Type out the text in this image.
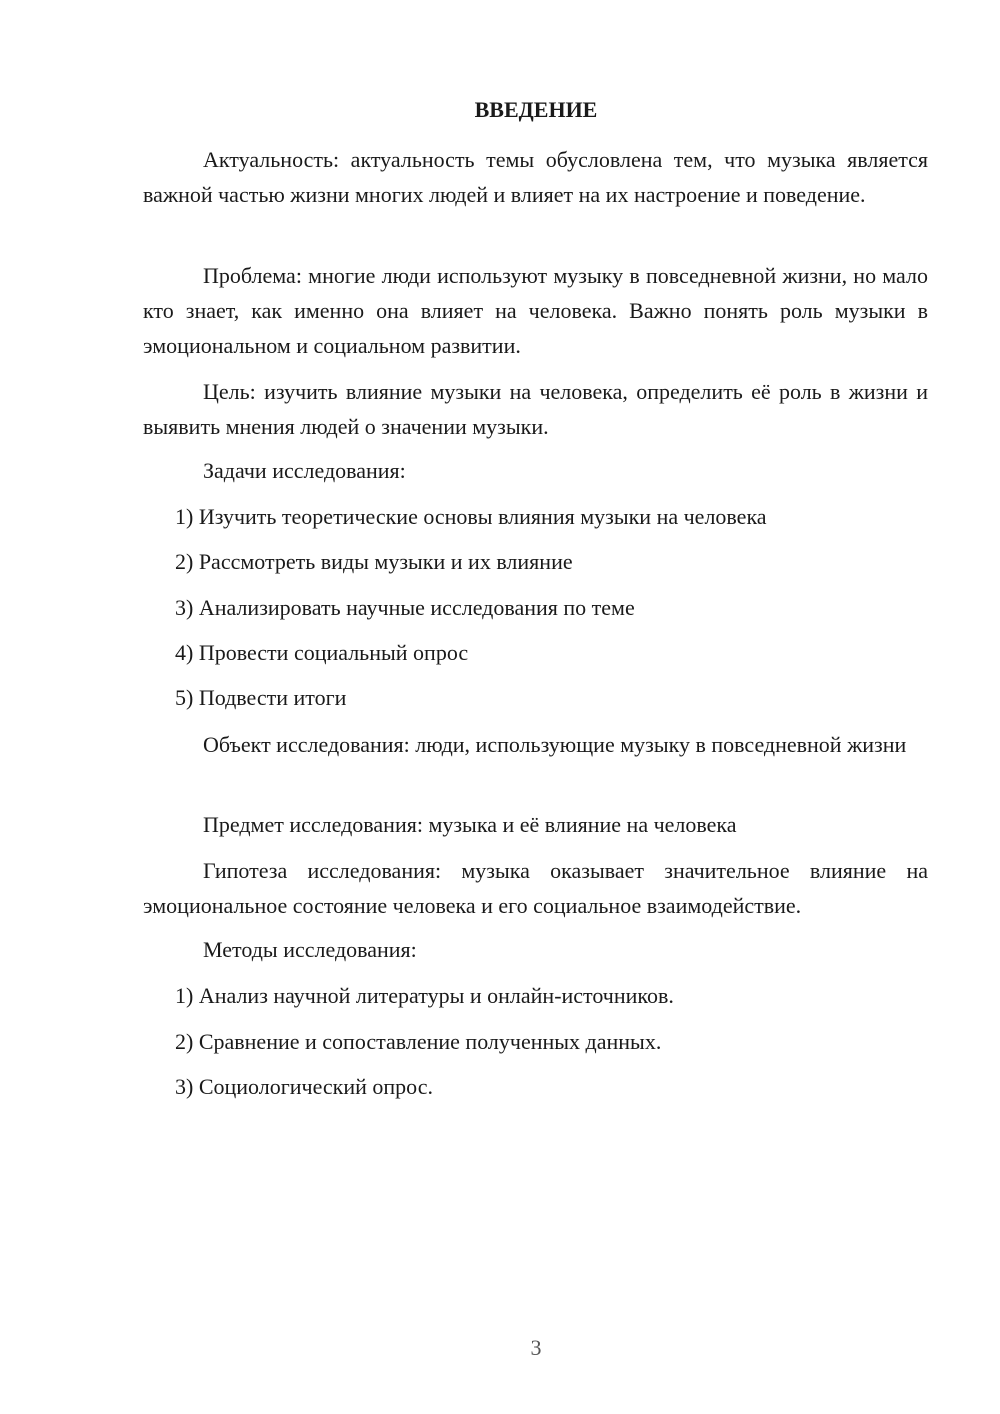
ВВЕДЕНИЕ

Актуальность: актуальность темы обусловлена тем, что музыка является важной частью жизни многих людей и влияет на их настроение и поведение.

Проблема: многие люди используют музыку в повседневной жизни, но мало кто знает, как именно она влияет на человека. Важно понять роль музыки в эмоциональном и социальном развитии.

Цель: изучить влияние музыки на человека, определить её роль в жизни и выявить мнения людей о значении музыки.

Задачи исследования:

1) Изучить теоретические основы влияния музыки на человека

2) Рассмотреть виды музыки и их влияние

3) Анализировать научные исследования по теме

4) Провести социальный опрос

5) Подвести итоги

Объект исследования: люди, использующие музыку в повседневной жизни

Предмет исследования: музыка и её влияние на человека

Гипотеза исследования: музыка оказывает значительное влияние на эмоциональное состояние человека и его социальное взаимодействие.

Методы исследования:

1) Анализ научной литературы и онлайн-источников.

2) Сравнение и сопоставление полученных данных.

3) Социологический опрос.

3
